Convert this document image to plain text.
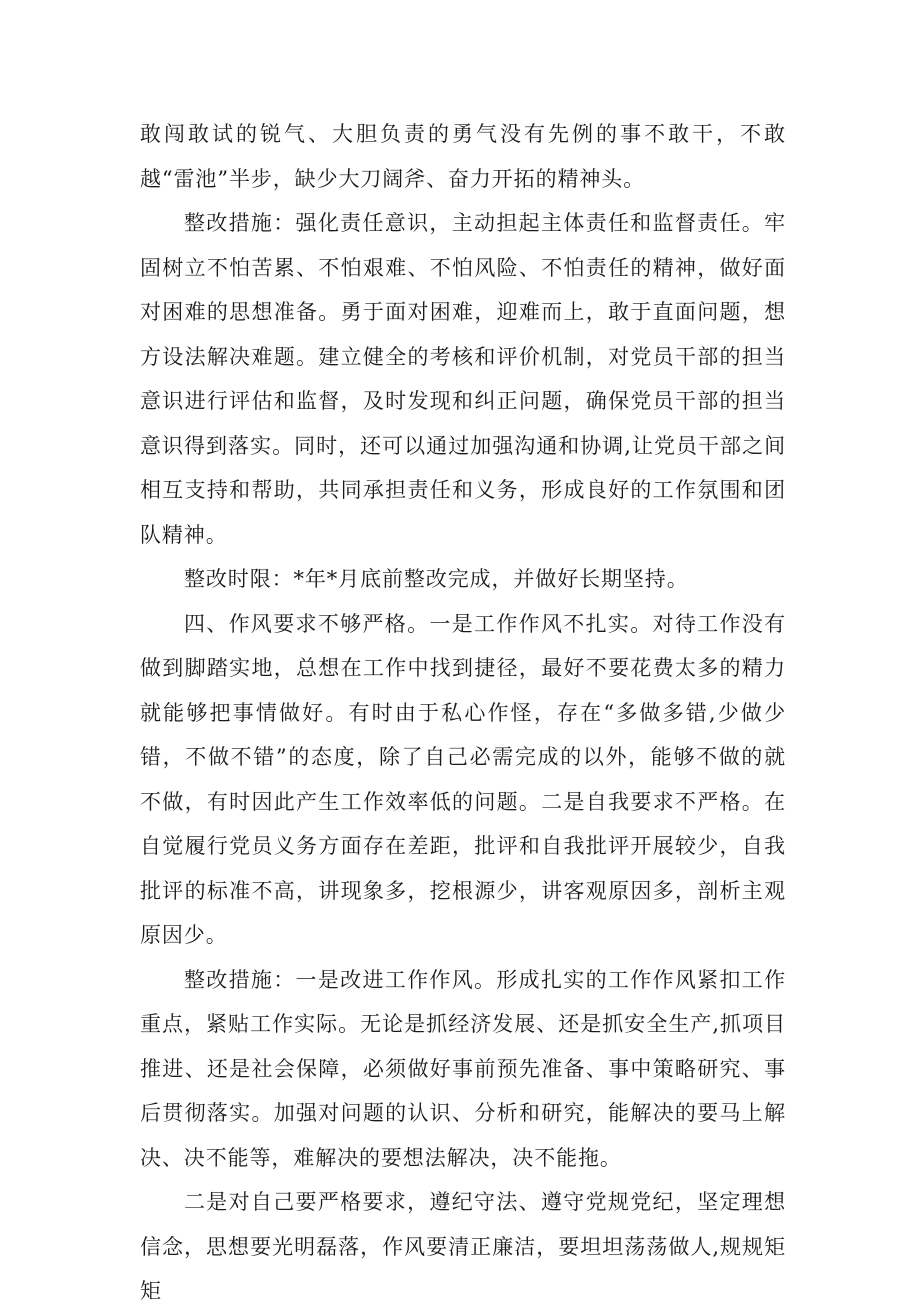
敢闯敢试的锐气、大胆负责的勇气没有先例的事不敢干，不敢越“雷池”半步，缺少大刀阔斧、奋力开拓的精神头。

整改措施：强化责任意识，主动担起主体责任和监督责任。牢固树立不怕苦累、不怕艰难、不怕风险、不怕责任的精神，做好面对困难的思想准备。勇于面对困难，迎难而上，敢于直面问题，想方设法解决难题。建立健全的考核和评价机制，对党员干部的担当意识进行评估和监督，及时发现和纠正问题，确保党员干部的担当意识得到落实。同时，还可以通过加强沟通和协调,让党员干部之间相互支持和帮助，共同承担责任和义务，形成良好的工作氛围和团队精神。

整改时限：*年*月底前整改完成，并做好长期坚持。

四、作风要求不够严格。一是工作作风不扎实。对待工作没有做到脚踏实地，总想在工作中找到捷径，最好不要花费太多的精力就能够把事情做好。有时由于私心作怪，存在“多做多错,少做少错，不做不错”的态度，除了自己必需完成的以外，能够不做的就不做，有时因此产生工作效率低的问题。二是自我要求不严格。在自觉履行党员义务方面存在差距，批评和自我批评开展较少，自我批评的标准不高，讲现象多，挖根源少，讲客观原因多，剖析主观原因少。

整改措施：一是改进工作作风。形成扎实的工作作风紧扣工作重点，紧贴工作实际。无论是抓经济发展、还是抓安全生产,抓项目推进、还是社会保障，必须做好事前预先准备、事中策略研究、事后贯彻落实。加强对问题的认识、分析和研究，能解决的要马上解决、决不能等，难解决的要想法解决，决不能拖。

二是对自己要严格要求，遵纪守法、遵守党规党纪，坚定理想信念，思想要光明磊落，作风要清正廉洁，要坦坦荡荡做人,规规矩矩
